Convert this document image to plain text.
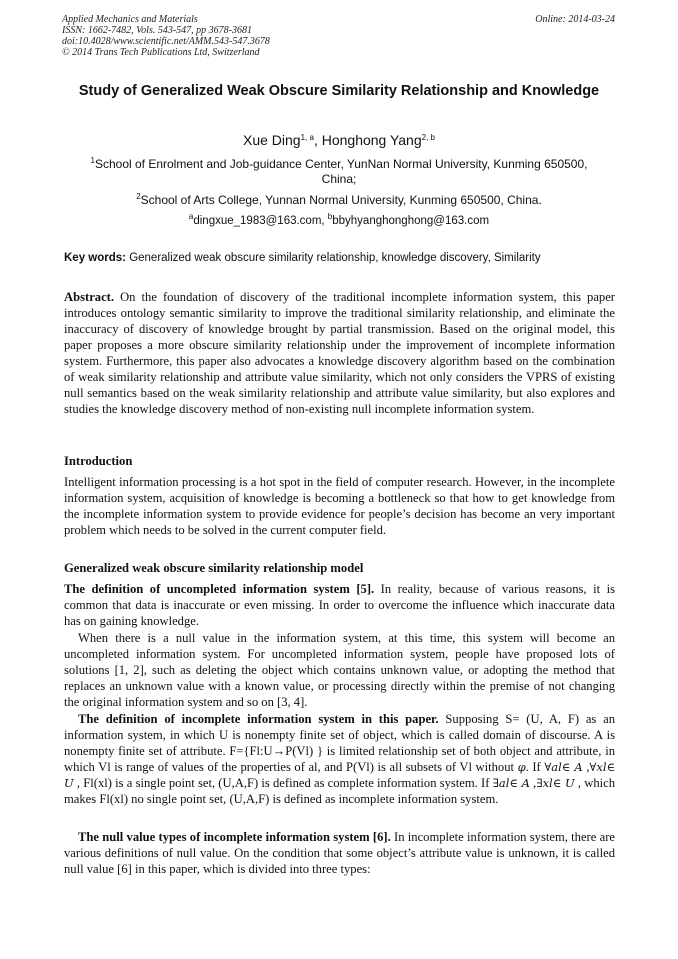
Applied Mechanics and Materials
ISSN: 1662-7482, Vols. 543-547, pp 3678-3681
doi:10.4028/www.scientific.net/AMM.543-547.3678
© 2014 Trans Tech Publications Ltd, Switzerland
Online: 2014-03-24
Study of Generalized Weak Obscure Similarity Relationship and Knowledge
Xue Ding$^{1, a}$, Honghong Yang$^{2, b}$
$^1$School of Enrolment and Job-guidance Center, YunNan Normal University, Kunming 650500, China;
$^2$School of Arts College, Yunnan Normal University, Kunming 650500, China.
$^a$dingxue_1983@163.com, $^b$bbyhyanghonghong@163.com
Key words: Generalized weak obscure similarity relationship, knowledge discovery, Similarity
Abstract. On the foundation of discovery of the traditional incomplete information system, this paper introduces ontology semantic similarity to improve the traditional similarity relationship, and eliminate the inaccuracy of discovery of knowledge brought by partial transmission. Based on the original model, this paper proposes a more obscure similarity relationship under the improvement of incomplete information system. Furthermore, this paper also advocates a knowledge discovery algorithm based on the combination of weak similarity relationship and attribute value similarity, which not only considers the VPRS of existing null semantics based on the weak similarity relationship and attribute value similarity, but also explores and studies the knowledge discovery method of non-existing null incomplete information system.
Introduction
Intelligent information processing is a hot spot in the field of computer research. However, in the incomplete information system, acquisition of knowledge is becoming a bottleneck so that how to get knowledge from the incomplete information system to provide evidence for people’s decision has become an very important problem which needs to be solved in the current computer field.
Generalized weak obscure similarity relationship model
The definition of uncompleted information system [5]. In reality, because of various reasons, it is common that data is inaccurate or even missing. In order to overcome the influence which inaccurate data has on gaining knowledge.
When there is a null value in the information system, at this time, this system will become an uncompleted information system. For uncompleted information system, people have proposed lots of solutions [1, 2], such as deleting the object which contains unknown value, or adopting the method that replaces an unknown value with a known value, or processing directly within the premise of not changing the original information system and so on [3, 4].
The definition of incomplete information system in this paper. Supposing S= (U, A, F) as an information system, in which U is nonempty finite set of object, which is called domain of discourse. A is nonempty finite set of attribute. F={Fl:U→P(Vl) } is limited relationship set of both object and attribute, in which Vl is range of values of the properties of al, and P(Vl) is all subsets of Vl without φ. If ∀al∈ A ,∀xl∈ U , Fl(xl) is a single point set, (U,A,F) is defined as complete information system. If ∃al∈ A ,∃xl∈ U , which makes Fl(xl) no single point set, (U,A,F) is defined as incomplete information system.
The null value types of incomplete information system [6]. In incomplete information system, there are various definitions of null value. On the condition that some object’s attribute value is unknown, it is called null value [6] in this paper, which is divided into three types:
